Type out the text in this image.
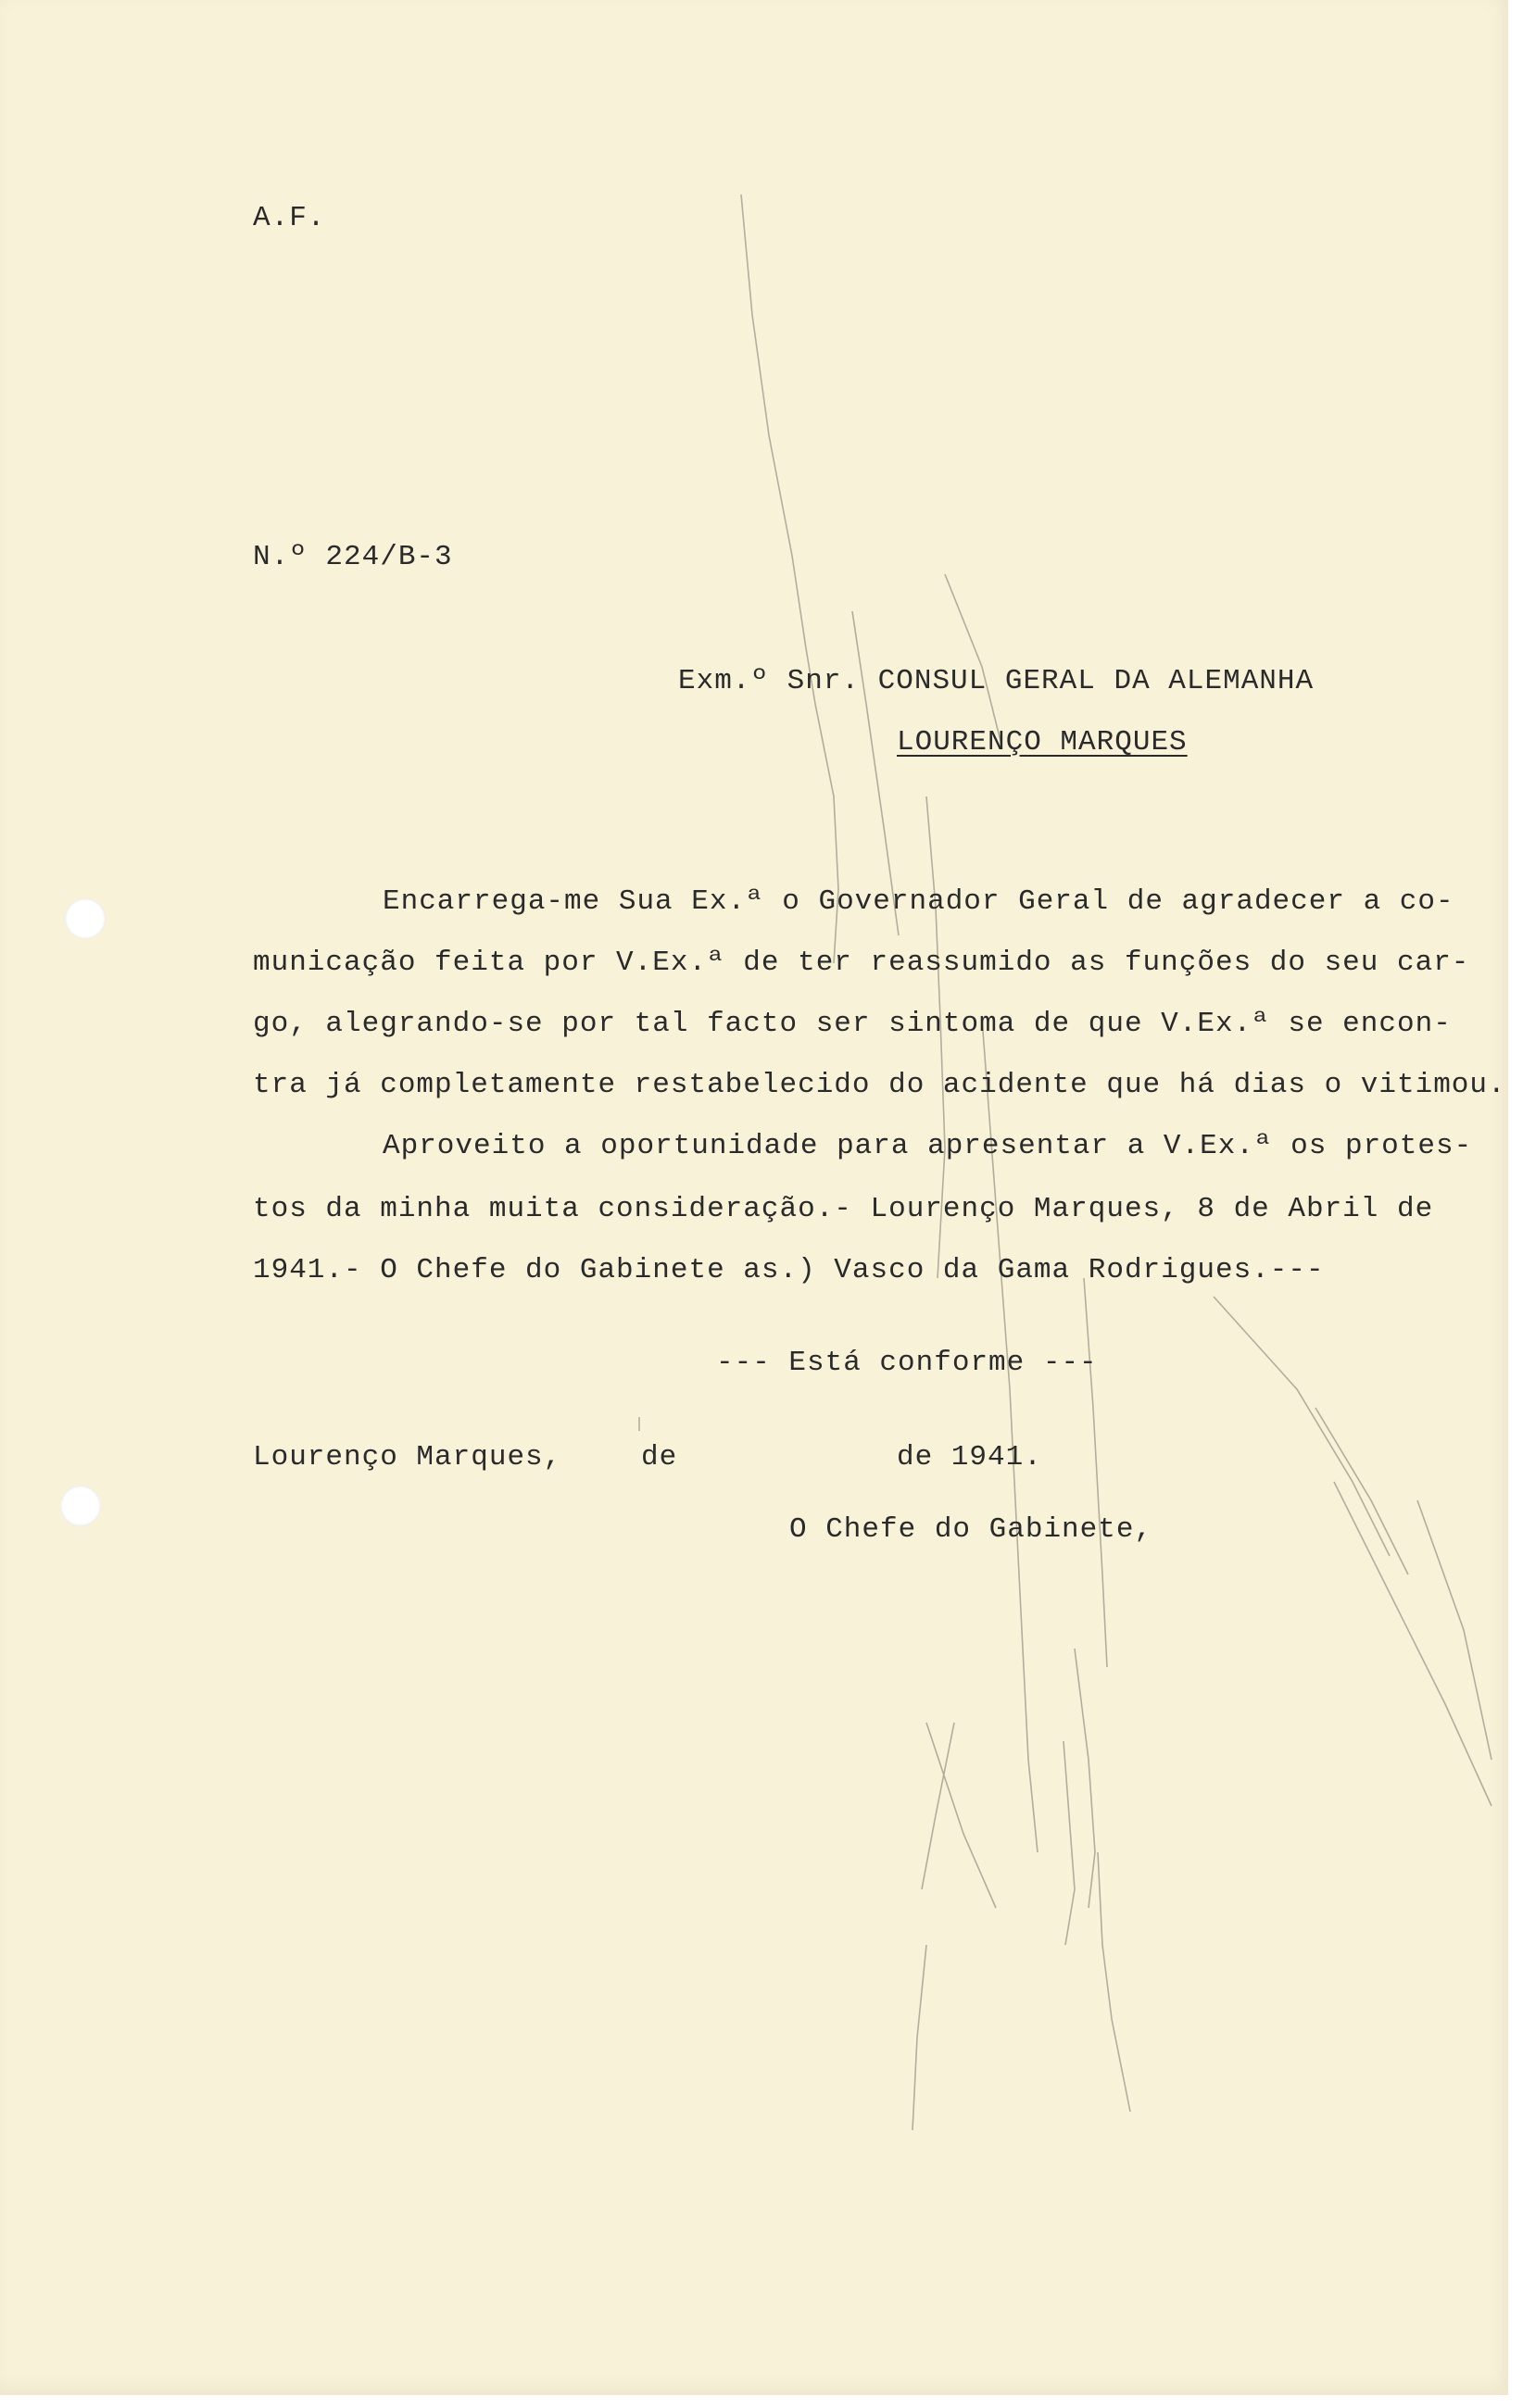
A.F.
N.º 224/B-3
Exm.º Snr. CONSUL GERAL DA ALEMANHA
LOURENÇO MARQUES
Encarrega-me Sua Ex.ª o Governador Geral de agradecer a co-
municação feita por V.Ex.ª de ter reassumido as funções do seu car-
go, alegrando-se por tal facto ser sintoma de que V.Ex.ª se encon-
tra já completamente restabelecido do acidente que há dias o vitimou.
Aproveito a oportunidade para apresentar a V.Ex.ª os protes-
tos da minha muita consideração.- Lourenço Marques, 8 de Abril de
1941.- O Chefe do Gabinete as.) Vasco da Gama Rodrigues.---
--- Está conforme ---
Lourenço Marques,	de	de 1941.
O Chefe do Gabinete,
